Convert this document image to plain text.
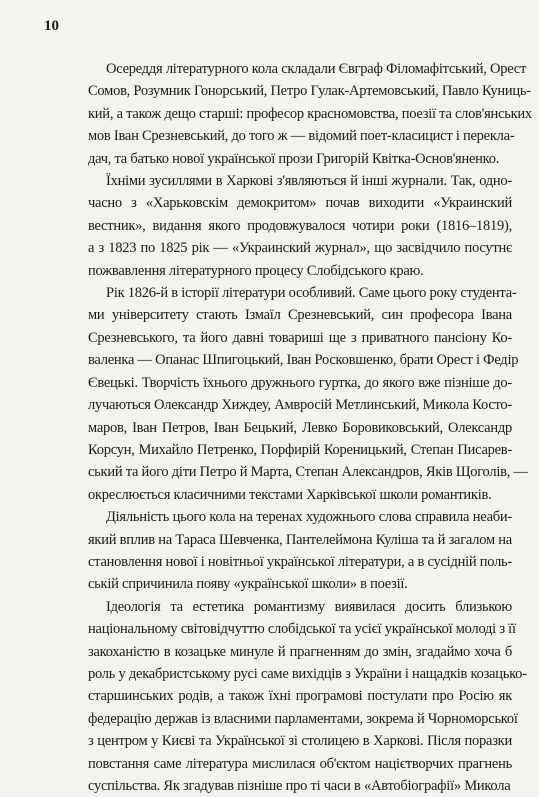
10
Осереддя літературного кола складали Євграф Філомафітський, Орест
Сомов, Розумник Гонорський, Петро Гулак-Артемовський, Павло Куниць-
кий, а також дещо старші: професор красномовства, поезії та слов'янських
мов Іван Срезневський, до того ж — відомий поет-класицист і перекла-
дач, та батько нової української прози Григорій Квітка-Основ'яненко.
Їхніми зусиллями в Харкові з'являються й інші журнали. Так, одно-
часно з «Харьковскім демокритом» почав виходити «Украинский
вестник», видання якого продовжувалося чотири роки (1816–1819),
а з 1823 по 1825 рік — «Украинский журнал», що засвідчило посутнє
пожвавлення літературного процесу Слобідського краю.
Рік 1826-й в історії літератури особливий. Саме цього року студента-
ми університету стають Ізмаїл Срезневський, син професора Івана
Срезневського, та його давні товариші ще з приватного пансіону Ко-
валенка — Опанас Шпигоцький, Іван Росковшенко, брати Орест і Федір
Євецькі. Творчість їхнього дружнього гуртка, до якого вже пізніше до-
лучаються Олександр Хиждеу, Амвросій Метлинський, Микола Косто-
маров, Іван Петров, Іван Бецький, Левко Боровиковський, Олександр
Корсун, Михайло Петренко, Порфирій Кореницький, Степан Писарев-
ський та його діти Петро й Марта, Степан Александров, Яків Щоголів, —
окреслюється класичними текстами Харківської школи романтиків.
Діяльність цього кола на теренах художнього слова справила неаби-
який вплив на Тараса Шевченка, Пантелеймона Куліша та й загалом на
становлення нової і новітньої української літератури, а в сусідній поль-
ській спричинила появу «української школи» в поезії.
Ідеологія та естетика романтизму виявилася досить близькою
національному світовідчуттю слобідської та усієї української молоді з її
закоханістю в козацьке минуле й прагненням до змін, згадаймо хоча б
роль у декабристському русі саме вихідців з України і нащадків козацько-
старшинських родів, а також їхні програмові постулати про Росію як
федерацію держав із власними парламентами, зокрема й Чорноморської
з центром у Києві та Української зі столицею в Харкові. Після поразки
повстання саме література мислилася об'єктом націєтворчих прагнень
суспільства. Як згадував пізніше про ті часи в «Автобіографії» Микола
